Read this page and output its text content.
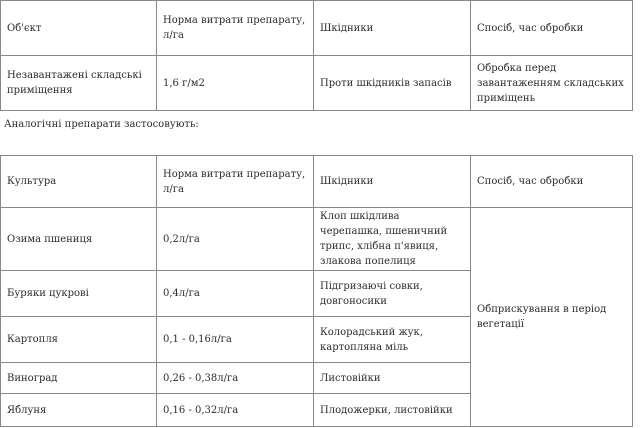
Об'єкт	Норма витрати препарату, л/га	Шкідники	Спосіб, час обробки
Незавантажені складські приміщення	1,6 г/м2	Проти шкідників запасів	Обробка перед завантаженням складських приміщень
Аналогічні препарати застосовують:
Культура	Норма витрати препарату, л/га	Шкідники	Спосіб, час обробки
Озима пшениця	0,2л/га	Клоп шкідлива черепашка, пшеничний трипс, хлібна п'явиця, злакова попелиця	Обприскування в період вегетації
Буряки цукрові	0,4л/га	Підгризаючі совки, довгоносики	
Картопля	0,1 - 0,16л/га	Колорадський жук, картопляна міль	
Виноград	0,26 - 0,38л/га	Листовійки	
Яблуня	0,16 - 0,32л/га	Плодожерки, листовійки	
